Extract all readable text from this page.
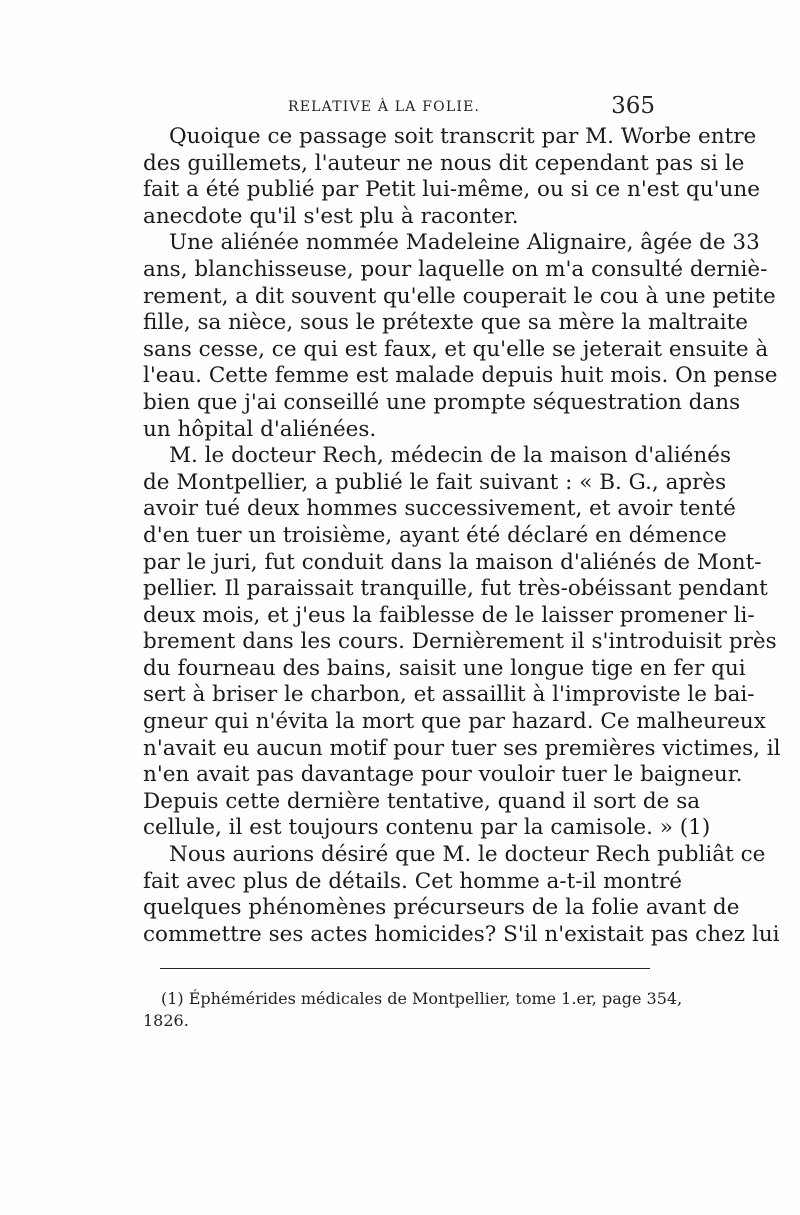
RELATIVE À LA FOLIE.	365
Quoique ce passage soit transcrit par M. Worbe entre
des guillemets, l'auteur ne nous dit cependant pas si le
fait a été publié par Petit lui-même, ou si ce n'est qu'une
anecdote qu'il s'est plu à raconter.
Une aliénée nommée Madeleine Alignaire, âgée de 33
ans, blanchisseuse, pour laquelle on m'a consulté derniè-
rement, a dit souvent qu'elle couperait le cou à une petite
fille, sa nièce, sous le prétexte que sa mère la maltraite
sans cesse, ce qui est faux, et qu'elle se jeterait ensuite à
l'eau. Cette femme est malade depuis huit mois. On pense
bien que j'ai conseillé une prompte séquestration dans
un hôpital d'aliénées.
M. le docteur Rech, médecin de la maison d'aliénés
de Montpellier, a publié le fait suivant : « B. G., après
avoir tué deux hommes successivement, et avoir tenté
d'en tuer un troisième, ayant été déclaré en démence
par le juri, fut conduit dans la maison d'aliénés de Mont-
pellier. Il paraissait tranquille, fut très-obéissant pendant
deux mois, et j'eus la faiblesse de le laisser promener li-
brement dans les cours. Dernièrement il s'introduisit près
du fourneau des bains, saisit une longue tige en fer qui
sert à briser le charbon, et assaillit à l'improviste le bai-
gneur qui n'évita la mort que par hazard. Ce malheureux
n'avait eu aucun motif pour tuer ses premières victimes, il
n'en avait pas davantage pour vouloir tuer le baigneur.
Depuis cette dernière tentative, quand il sort de sa
cellule, il est toujours contenu par la camisole. » (1)
Nous aurions désiré que M. le docteur Rech publiât ce
fait avec plus de détails. Cet homme a-t-il montré
quelques phénomènes précurseurs de la folie avant de
commettre ses actes homicides? S'il n'existait pas chez lui
(1) Éphémérides médicales de Montpellier, tome 1.er, page 354,
1826.
